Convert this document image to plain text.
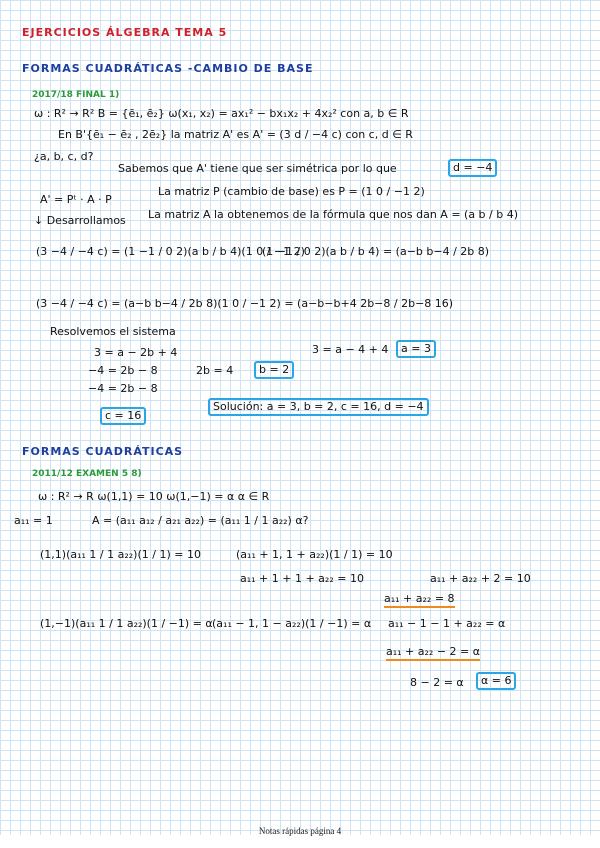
EJERCICIOS ÁLGEBRA TEMA 5
FORMAS CUADRÁTICAS -CAMBIO DE BASE
2017/18 FINAL 1)
ω : R² → R² B = {ē₁, ē₂} ω(x₁, x₂) = ax₁² − bx₁x₂ + 4x₂² con a, b ∈ R
En B'{ē₁ − ē₂ , 2ē₂} la matriz A' es A' = (3 d / −4 c) con c, d ∈ R
¿a, b, c, d?
Sabemos que A' tiene que ser simétrica por lo que	d = −4
A' = Pᵗ · A · P
La matriz P (cambio de base) es P = (1 0 / −1 2)
↓ Desarrollamos La matriz A la obtenemos de la fórmula que nos dan A = (a b / b 4)
(3 −4 / −4 c) = (1 −1 / 0 2)(a b / b 4)(1 0 / −1 2)
(1 −1 / 0 2)(a b / b 4) = (a−b b−4 / 2b 8)
(3 −4 / −4 c) = (a−b b−4 / 2b 8)(1 0 / −1 2) = (a−b−b+4 2b−8 / 2b−8 16)
Resolvemos el sistema
3 = a − 2b + 4
−4 = 2b − 8
−4 = 2b − 8
2b = 4	b = 2
3 = a − 4 + 4	a = 3
c = 16
Solución: a = 3, b = 2, c = 16, d = −4
FORMAS CUADRÁTICAS
2011/12 EXAMEN 5 8)
ω : R² → R ω(1,1) = 10 ω(1,−1) = α α ∈ R
a₁₁ = 1	A = (a₁₁ a₁₂ / a₂₁ a₂₂) = (a₁₁ 1 / 1 a₂₂) α?
(1,1)(a₁₁ 1 / 1 a₂₂)(1 / 1) = 10	(a₁₁ + 1, 1 + a₂₂)(1 / 1) = 10
a₁₁ + 1 + 1 + a₂₂ = 10	a₁₁ + a₂₂ + 2 = 10
a₁₁ + a₂₂ = 8
(1,−1)(a₁₁ 1 / 1 a₂₂)(1 / −1) = α (a₁₁ − 1, 1 − a₂₂)(1 / −1) = α a₁₁ − 1 − 1 + a₂₂ = α
a₁₁ + a₂₂ − 2 = α
8 − 2 = α	α = 6
Notas rápidas página 4
